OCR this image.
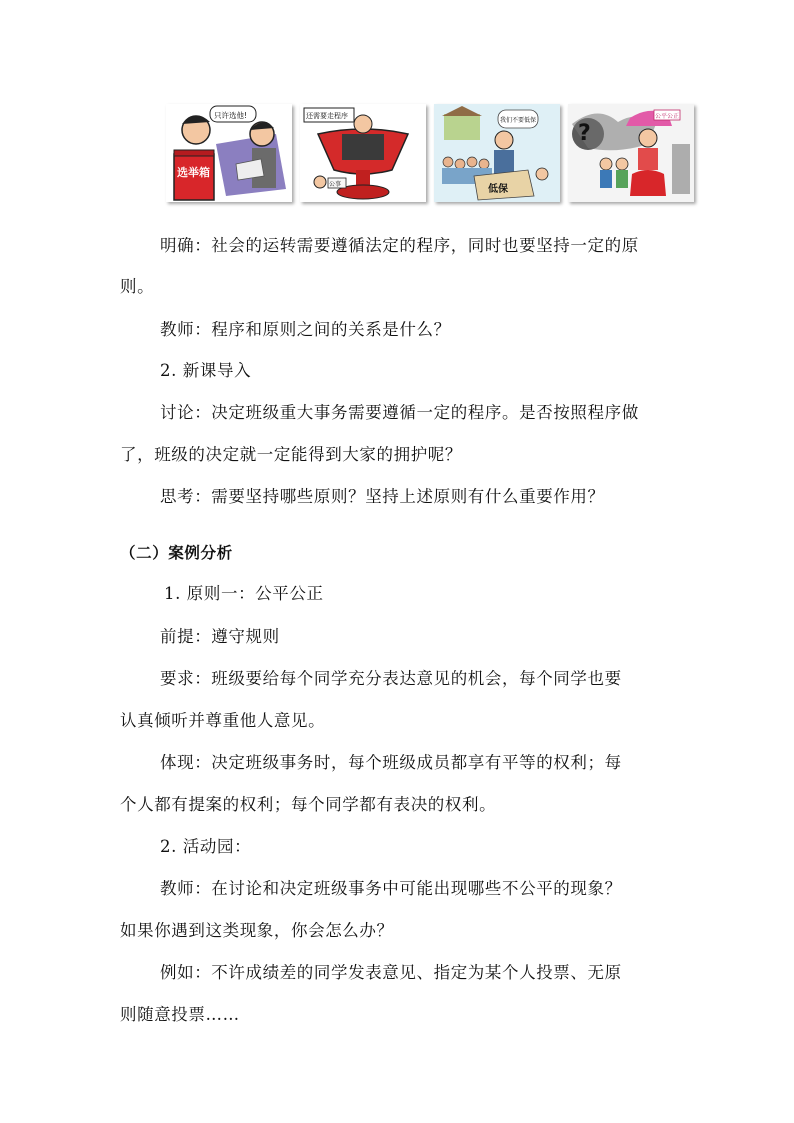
选举箱
只许选他!	还需要走程序
公事
我们不要低保
低保
?
公平公正
明确：社会的运转需要遵循法定的程序，同时也要坚持一定的原
则。
教师：程序和原则之间的关系是什么？
2. 新课导入
讨论：决定班级重大事务需要遵循一定的程序。是否按照程序做
了，班级的决定就一定能得到大家的拥护呢？
思考：需要坚持哪些原则？坚持上述原则有什么重要作用？
（二）案例分析
1. 原则一：公平公正
前提：遵守规则
要求：班级要给每个同学充分表达意见的机会，每个同学也要
认真倾听并尊重他人意见。
体现：决定班级事务时，每个班级成员都享有平等的权利；每
个人都有提案的权利；每个同学都有表决的权利。
2. 活动园：
教师：在讨论和决定班级事务中可能出现哪些不公平的现象？
如果你遇到这类现象，你会怎么办？
例如：不许成绩差的同学发表意见、指定为某个人投票、无原
则随意投票……
